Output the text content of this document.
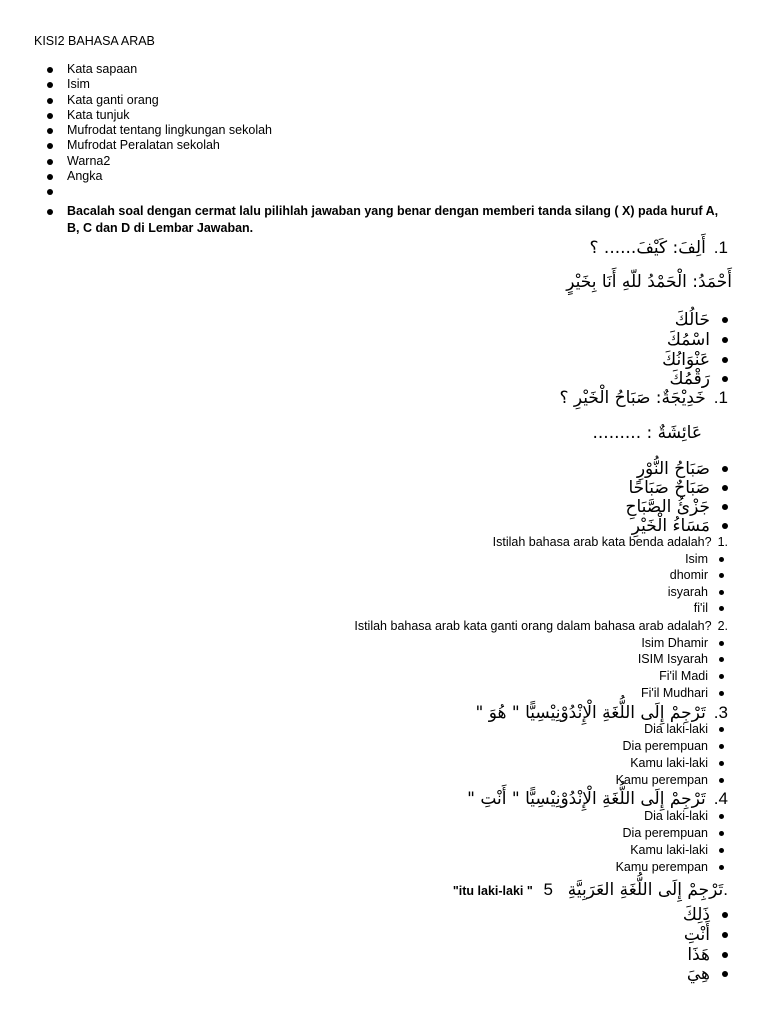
KISI2 BAHASA ARAB
Kata sapaan
Isim
Kata ganti orang
Kata tunjuk
Mufrodat tentang lingkungan sekolah
Mufrodat Peralatan sekolah
Warna2
Angka
Bacalah soal dengan cermat lalu pilihlah jawaban yang benar dengan memberi tanda silang ( X) pada huruf A, B, C dan D di Lembar Jawaban.
1.أَلِفَ: كَيْفَ...... ؟
أَحْمَدُ: الْحَمْدُ للّهِ أَنَا بِخَيْرٍ
حَالُكَ
اسْمُكَ
عَنْوَانُكَ
رَقْمُكَ
1.خَدِيْجَةٌ: صَبَاحُ الْخَيْرِ ؟
عَائِشَةٌ : .........
صَبَاحُ النُّوْرِ
صَبَاحٌ صَبَاحًا
جَزْئُ الصَّبَاحِ
مَسَاءُ الْخَيْرِ
Istilah bahasa arab kata benda adalah? 1.
Isim
dhomir
isyarah
fi'il
Istilah bahasa arab kata ganti orang dalam bahasa arab adalah? 2.
Isim Dhamir
ISIM Isyarah
Fi'il Madi
Fi'il Mudhari
3.تَرْجِمْ إِلَى اللُّغَةِ الْإِنْدُوْنِيْسِيًّا " هُوَ "
Dia laki-laki
Dia perempuan
Kamu laki-laki
Kamu perempan
4.تَرْجِمْ إِلَى اللُّغَةِ الْإِنْدُوْنِيْسِيًّا " أَنْتِ "
Dia laki-laki
Dia perempuan
Kamu laki-laki
Kamu perempan
"itu laki-laki " تَرْجِمْ إِلَى اللُّغَةِ العَرَبِيَّةِ 5.
ذَلِكَ
أَنْتِ
هَذَا
هِيَ
